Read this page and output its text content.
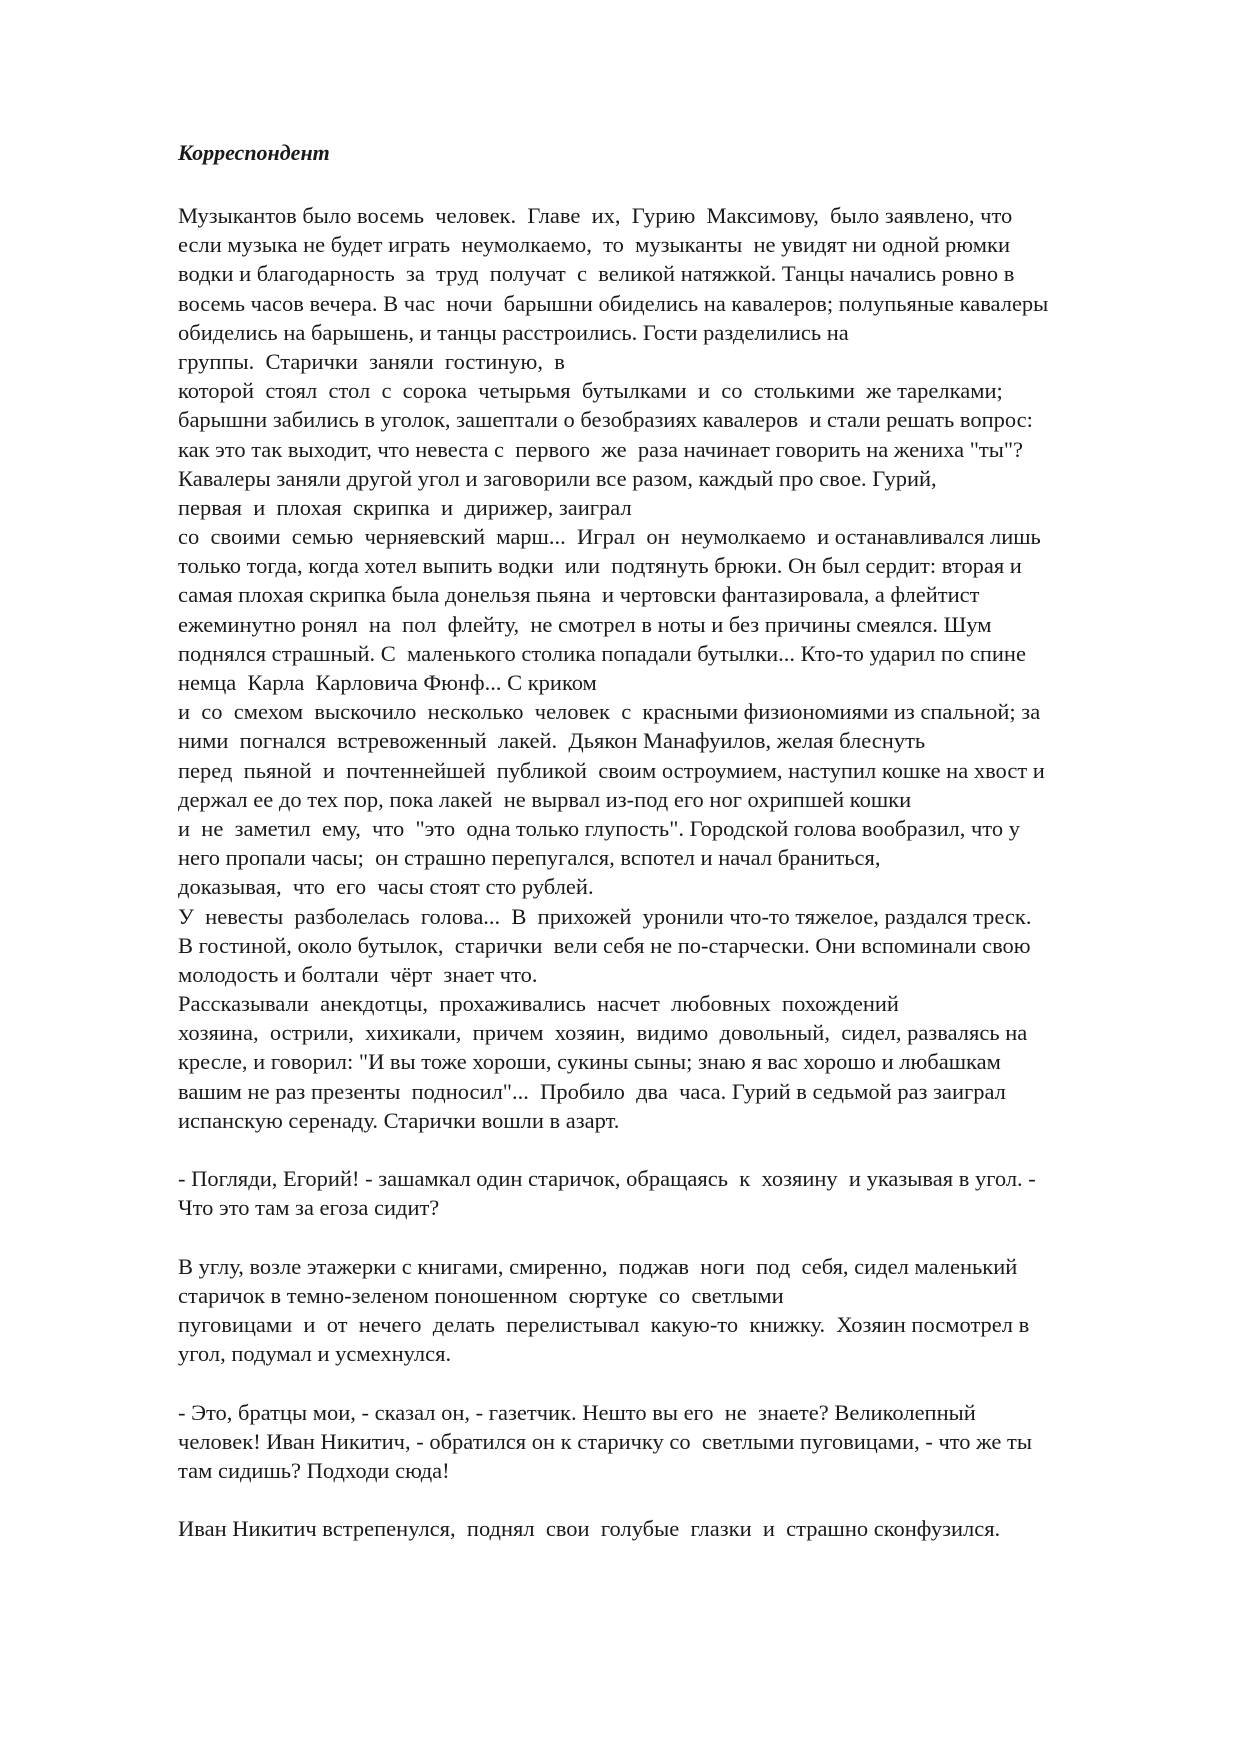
Корреспондент
Музыкантов было восемь  человек.  Главе  их,  Гурию  Максимову,  было заявлено, что
если музыка не будет играть  неумолкаемо,  то  музыканты  не увидят ни одной рюмки
водки и благодарность  за  труд  получат  с  великой натяжкой. Танцы начались ровно в
восемь часов вечера. В час  ночи  барышни обиделись на кавалеров; полупьяные кавалеры
обиделись на барышень, и танцы расстроились. Гости разделились на
группы.  Старички  заняли  гостиную,  в
которой  стоял  стол  с  сорока  четырьмя  бутылками  и  со  столькими  же тарелками;
барышни забились в уголок, зашептали о безобразиях кавалеров  и стали решать вопрос:
как это так выходит, что невеста с  первого  же  раза начинает говорить на жениха "ты"?
Кавалеры заняли другой угол и заговорили все разом, каждый про свое. Гурий,
первая  и  плохая  скрипка  и  дирижер, заиграл
со  своими  семью  черняевский  марш...  Играл  он  неумолкаемо  и останавливался лишь
только тогда, когда хотел выпить водки  или  подтянуть брюки. Он был сердит: вторая и
самая плохая скрипка была донельзя пьяна  и чертовски фантазировала, а флейтист
ежеминутно ронял  на  пол  флейту,  не смотрел в ноты и без причины смеялся. Шум
поднялся страшный. С  маленького столика попадали бутылки... Кто-то ударил по спине
немца  Карла  Карловича Фюнф... С криком
и  со  смехом  выскочило  несколько  человек  с  красными физиономиями из спальной; за
ними  погнался  встревоженный  лакей.  Дьякон Манафуилов, желая блеснуть
перед  пьяной  и  почтеннейшей  публикой  своим остроумием, наступил кошке на хвост и
держал ее до тех пор, пока лакей  не вырвал из-под его ног охрипшей кошки
и  не  заметил  ему,  что  "это  одна только глупость". Городской голова вообразил, что у
него пропали часы;  он страшно перепугался, вспотел и начал браниться,
доказывая,  что  его  часы стоят сто рублей.
У  невесты  разболелась  голова...  В  прихожей  уронили что-то тяжелое, раздался треск.
В гостиной, около бутылок,  старички  вели себя не по-старчески. Они вспоминали свою
молодость и болтали  чёрт  знает что.
Рассказывали  анекдотцы,  прохаживались  насчет  любовных  похождений
хозяина,  острили,  хихикали,  причем  хозяин,  видимо  довольный,  сидел, развалясь на
кресле, и говорил: "И вы тоже хороши, сукины сыны; знаю я вас хорошо и любашкам
вашим не раз презенты  подносил"...  Пробило  два  часа. Гурий в седьмой раз заиграл
испанскую серенаду. Старички вошли в азарт.
- Погляди, Егорий! - зашамкал один старичок, обращаясь  к  хозяину  и указывая в угол. -
Что это там за егоза сидит?
В углу, возле этажерки с книгами, смиренно,  поджав  ноги  под  себя, сидел маленький
старичок в темно-зеленом поношенном  сюртуке  со  светлыми
пуговицами  и  от  нечего  делать  перелистывал  какую-то  книжку.  Хозяин посмотрел в
угол, подумал и усмехнулся.
- Это, братцы мои, - сказал он, - газетчик. Нешто вы его  не  знаете? Великолепный
человек! Иван Никитич, - обратился он к старичку со  светлыми пуговицами, - что же ты
там сидишь? Подходи сюда!
Иван Никитич встрепенулся,  поднял  свои  голубые  глазки  и  страшно сконфузился.
